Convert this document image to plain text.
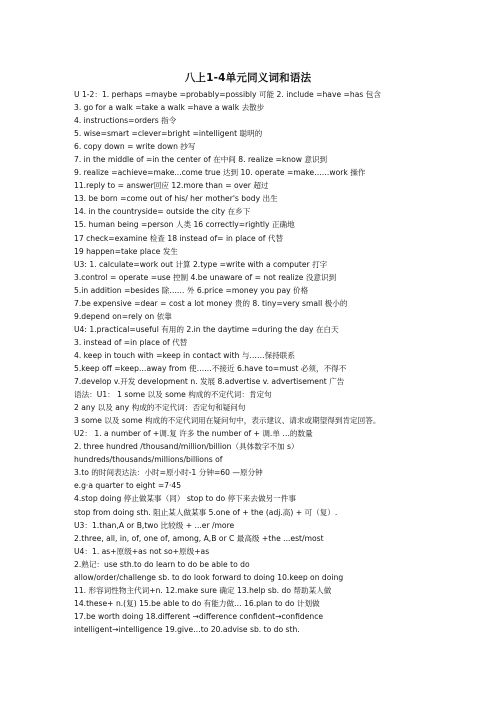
八上1-4单元同义词和语法
U 1-2：1. perhaps =maybe =probably=possibly 可能 2. include =have =has 包含
3. go for a walk =take a walk =have a walk 去散步
4. instructions=orders 指令
5. wise=smart =clever=bright =intelligent 聪明的
6. copy down = write down 抄写
7. in the middle of =in the center of 在中间 8. realize =know 意识到
9. realize =achieve=make...come true 达到 10. operate =make……work 操作
11.reply to = answer回应 12.more than = over 超过
13. be born =come out of his/ her mother's body 出生
14. in the countryside= outside the city 在乡下
15. human being =person 人类 16 correctly=rightly 正确地
17 check=examine 检查 18 instead of= in place of 代替
19 happen=take place 发生
U3: 1. calculate=work out 计算 2.type =write with a computer 打字
3.control = operate =use 控制 4.be unaware of = not realize 没意识到
5.in addition =besides 除…… 外 6.price =money you pay 价格
7.be expensive =dear = cost a lot money 贵的 8. tiny=very small 极小的
9.depend on=rely on 依靠
U4: 1.practical=useful 有用的 2.in the daytime =during the day 在白天
3. instead of =in place of 代替
4. keep in touch with =keep in contact with 与……保持联系
5.keep off =keep…away from 使……不接近 6.have to=must 必须，不得不
7.develop v.开发 development n. 发展 8.advertise v. advertisement 广告
语法：U1： 1 some 以及 some 构成的不定代词：肯定句
2 any 以及 any 构成的不定代词：否定句和疑问句
3 some 以及 some 构成的不定代词用在疑问句中，表示建议、请求或期望得到肯定回答。
U2： 1. a number of +调.复 许多 the number of + 调.单 …的数量
2. three hundred /thousand/million/billion（具体数字不加 s）
hundreds/thousands/millions/billions of
3.to 的时间表达法：小时=原小时-1 分钟=60 —原分钟
e.g·a quarter to eight =7·45
4.stop doing 停止做某事（同） stop to do 停下来去做另一件事
stop from doing sth. 阻止某人做某事 5.one of + the (adj.高) + 可（复）.
U3：1.than,A or B,two 比较级 + ...er /more
2.three, all, in, of, one of, among, A,B or C 最高级 +the ...est/most
U4：1. as+原级+as not so+原级+as
2.熟记：use sth.to do learn to do be able to do
allow/order/challenge sb. to do look forward to doing 10.keep on doing
11. 形容词性物主代词+n. 12.make sure 确定 13.help sb. do 帮助某人做
14.these+ n.(复) 15.be able to do 有能力做… 16.plan to do 计划做
17.be worth doing 18.different →difference confident→confidence
intelligent→intelligence 19.give…to 20.advise sb. to do sth.
